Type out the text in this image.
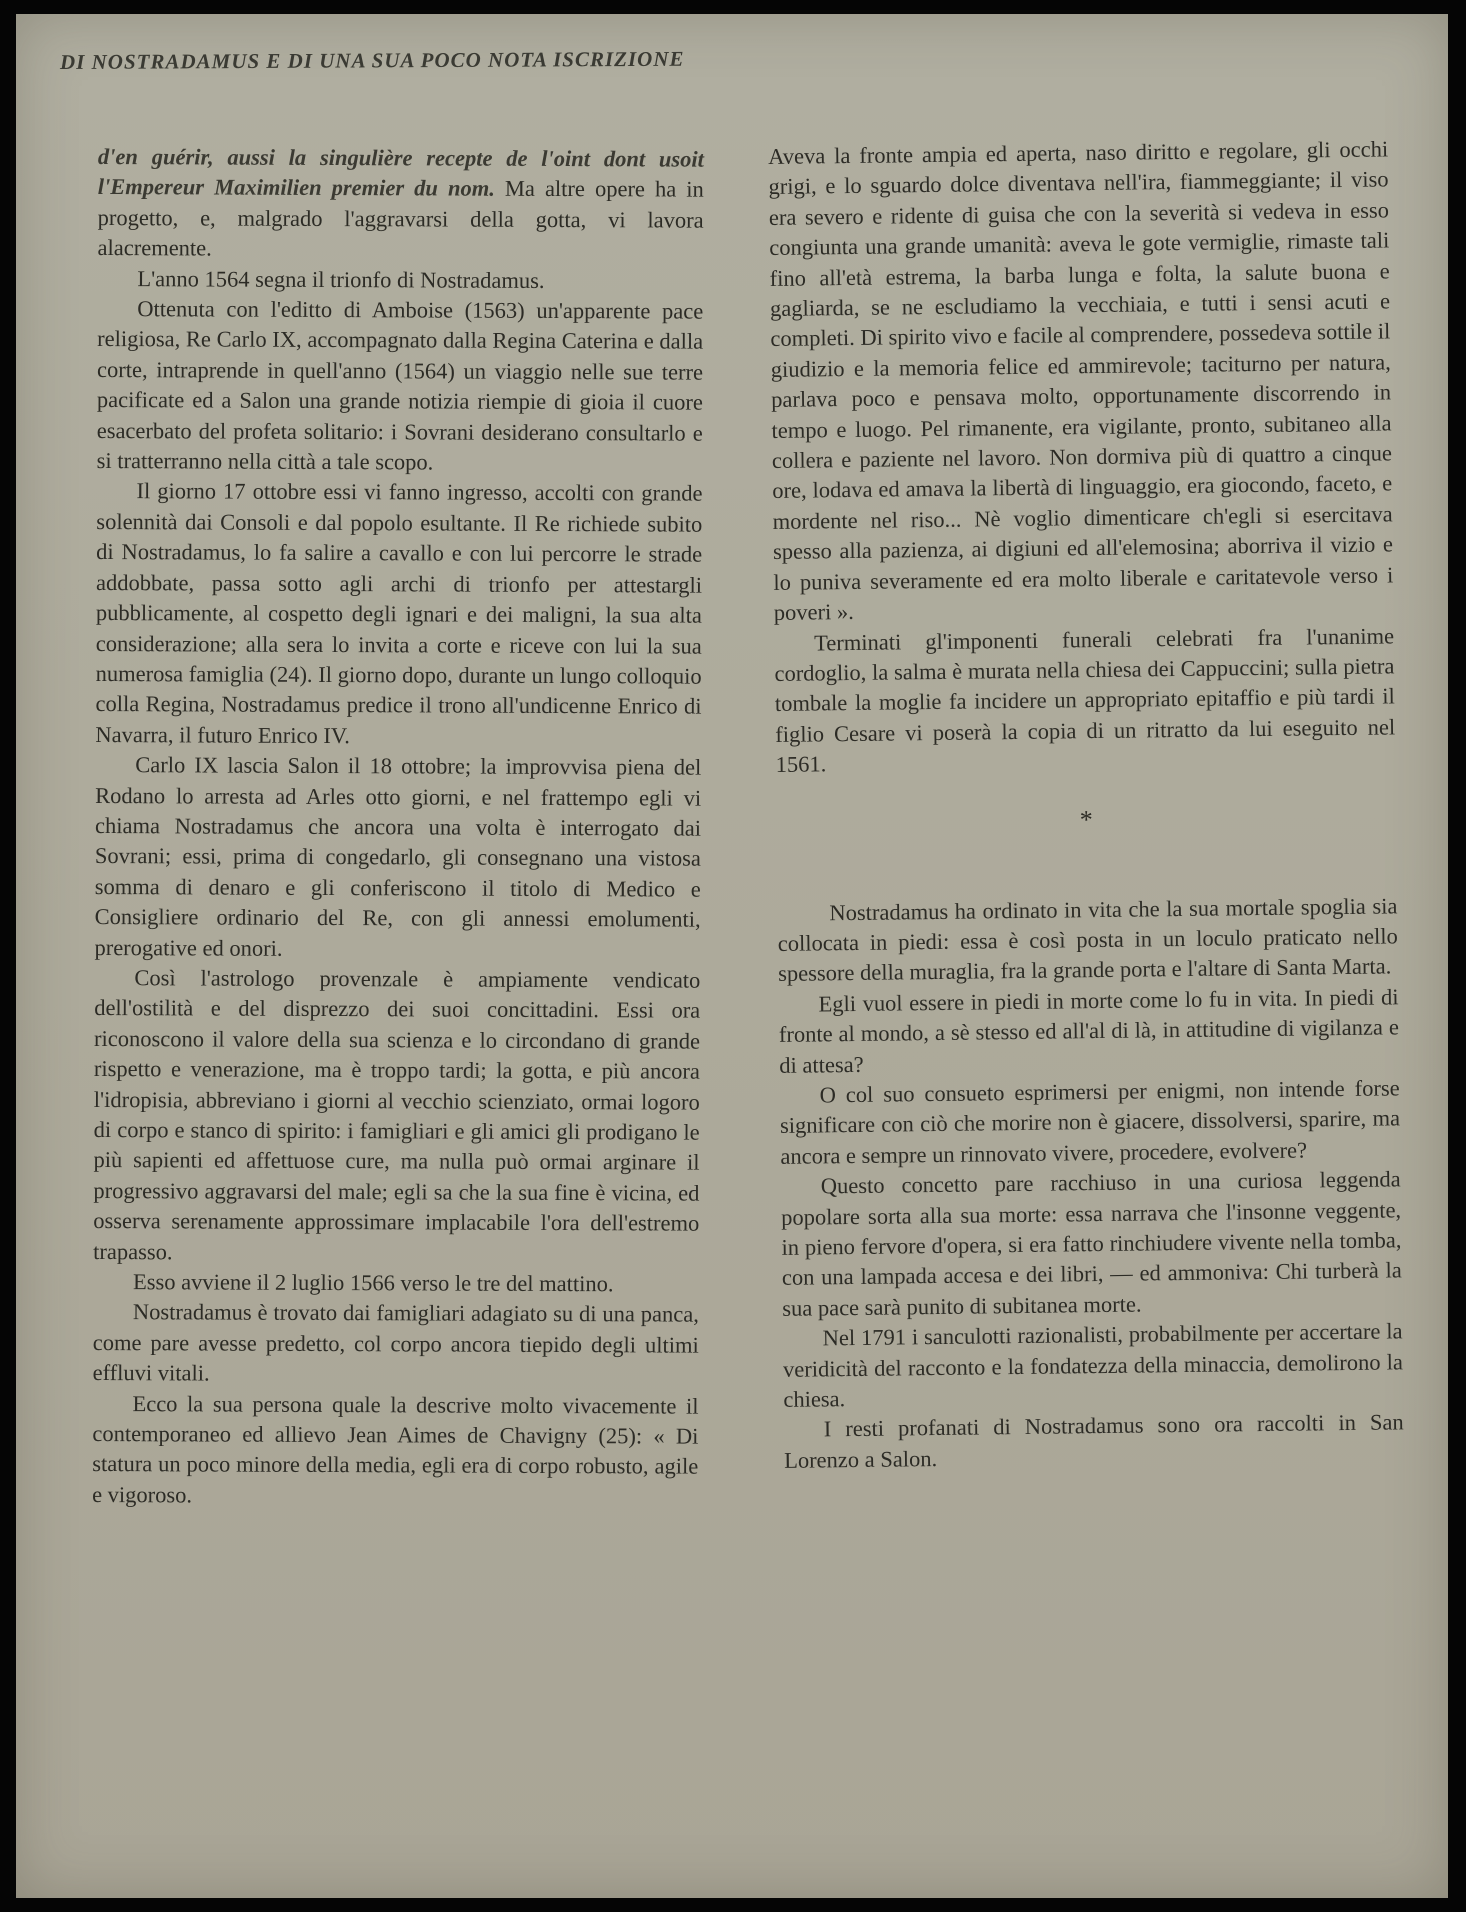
DI NOSTRADAMUS E DI UNA SUA POCO NOTA ISCRIZIONE

d'en guérir, aussi la singulière recepte de l'oint dont usoit l'Empereur Maximilien premier du nom. Ma altre opere ha in progetto, e, malgrado l'aggravarsi della gotta, vi lavora alacremente.

L'anno 1564 segna il trionfo di Nostradamus.

Ottenuta con l'editto di Amboise (1563) un'apparente pace religiosa, Re Carlo IX, accompagnato dalla Regina Caterina e dalla corte, intraprende in quell'anno (1564) un viaggio nelle sue terre pacificate ed a Salon una grande notizia riempie di gioia il cuore esacerbato del profeta solitario: i Sovrani desiderano consultarlo e si tratterranno nella città a tale scopo.

Il giorno 17 ottobre essi vi fanno ingresso, accolti con grande solennità dai Consoli e dal popolo esultante. Il Re richiede subito di Nostradamus, lo fa salire a cavallo e con lui percorre le strade addobbate, passa sotto agli archi di trionfo per attestargli pubblicamente, al cospetto degli ignari e dei maligni, la sua alta considerazione; alla sera lo invita a corte e riceve con lui la sua numerosa famiglia (24). Il giorno dopo, durante un lungo colloquio colla Regina, Nostradamus predice il trono all'undicenne Enrico di Navarra, il futuro Enrico IV.

Carlo IX lascia Salon il 18 ottobre; la improvvisa piena del Rodano lo arresta ad Arles otto giorni, e nel frattempo egli vi chiama Nostradamus che ancora una volta è interrogato dai Sovrani; essi, prima di congedarlo, gli consegnano una vistosa somma di denaro e gli conferiscono il titolo di Medico e Consigliere ordinario del Re, con gli annessi emolumenti, prerogative ed onori.

Così l'astrologo provenzale è ampiamente vendicato dell'ostilità e del disprezzo dei suoi concittadini. Essi ora riconoscono il valore della sua scienza e lo circondano di grande rispetto e venerazione, ma è troppo tardi; la gotta, e più ancora l'idropisia, abbreviano i giorni al vecchio scienziato, ormai logoro di corpo e stanco di spirito: i famigliari e gli amici gli prodigano le più sapienti ed affettuose cure, ma nulla può ormai arginare il progressivo aggravarsi del male; egli sa che la sua fine è vicina, ed osserva serenamente approssimare implacabile l'ora dell'estremo trapasso.

Esso avviene il 2 luglio 1566 verso le tre del mattino.

Nostradamus è trovato dai famigliari adagiato su di una panca, come pare avesse predetto, col corpo ancora tiepido degli ultimi effluvi vitali.

Ecco la sua persona quale la descrive molto vivacemente il contemporaneo ed allievo Jean Aimes de Chavigny (25): « Di statura un poco minore della media, egli era di corpo robusto, agile e vigoroso.

Aveva la fronte ampia ed aperta, naso diritto e regolare, gli occhi grigi, e lo sguardo dolce diventava nell'ira, fiammeggiante; il viso era severo e ridente di guisa che con la severità si vedeva in esso congiunta una grande umanità: aveva le gote vermiglie, rimaste tali fino all'età estrema, la barba lunga e folta, la salute buona e gagliarda, se ne escludiamo la vecchiaia, e tutti i sensi acuti e completi. Di spirito vivo e facile al comprendere, possedeva sottile il giudizio e la memoria felice ed ammirevole; taciturno per natura, parlava poco e pensava molto, opportunamente discorrendo in tempo e luogo. Pel rimanente, era vigilante, pronto, subitaneo alla collera e paziente nel lavoro. Non dormiva più di quattro a cinque ore, lodava ed amava la libertà di linguaggio, era giocondo, faceto, e mordente nel riso... Nè voglio dimenticare ch'egli si esercitava spesso alla pazienza, ai digiuni ed all'elemosina; aborriva il vizio e lo puniva severamente ed era molto liberale e caritatevole verso i poveri ».

Terminati gl'imponenti funerali celebrati fra l'unanime cordoglio, la salma è murata nella chiesa dei Cappuccini; sulla pietra tombale la moglie fa incidere un appropriato epitaffio e più tardi il figlio Cesare vi poserà la copia di un ritratto da lui eseguito nel 1561.

*

Nostradamus ha ordinato in vita che la sua mortale spoglia sia collocata in piedi: essa è così posta in un loculo praticato nello spessore della muraglia, fra la grande porta e l'altare di Santa Marta.

Egli vuol essere in piedi in morte come lo fu in vita. In piedi di fronte al mondo, a sè stesso ed all'al di là, in attitudine di vigilanza e di attesa?

O col suo consueto esprimersi per enigmi, non intende forse significare con ciò che morire non è giacere, dissolversi, sparire, ma ancora e sempre un rinnovato vivere, procedere, evolvere?

Questo concetto pare racchiuso in una curiosa leggenda popolare sorta alla sua morte: essa narrava che l'insonne veggente, in pieno fervore d'opera, si era fatto rinchiudere vivente nella tomba, con una lampada accesa e dei libri, — ed ammoniva: Chi turberà la sua pace sarà punito di subitanea morte.

Nel 1791 i sanculotti razionalisti, probabilmente per accertare la veridicità del racconto e la fondatezza della minaccia, demolirono la chiesa.

I resti profanati di Nostradamus sono ora raccolti in San Lorenzo a Salon.
